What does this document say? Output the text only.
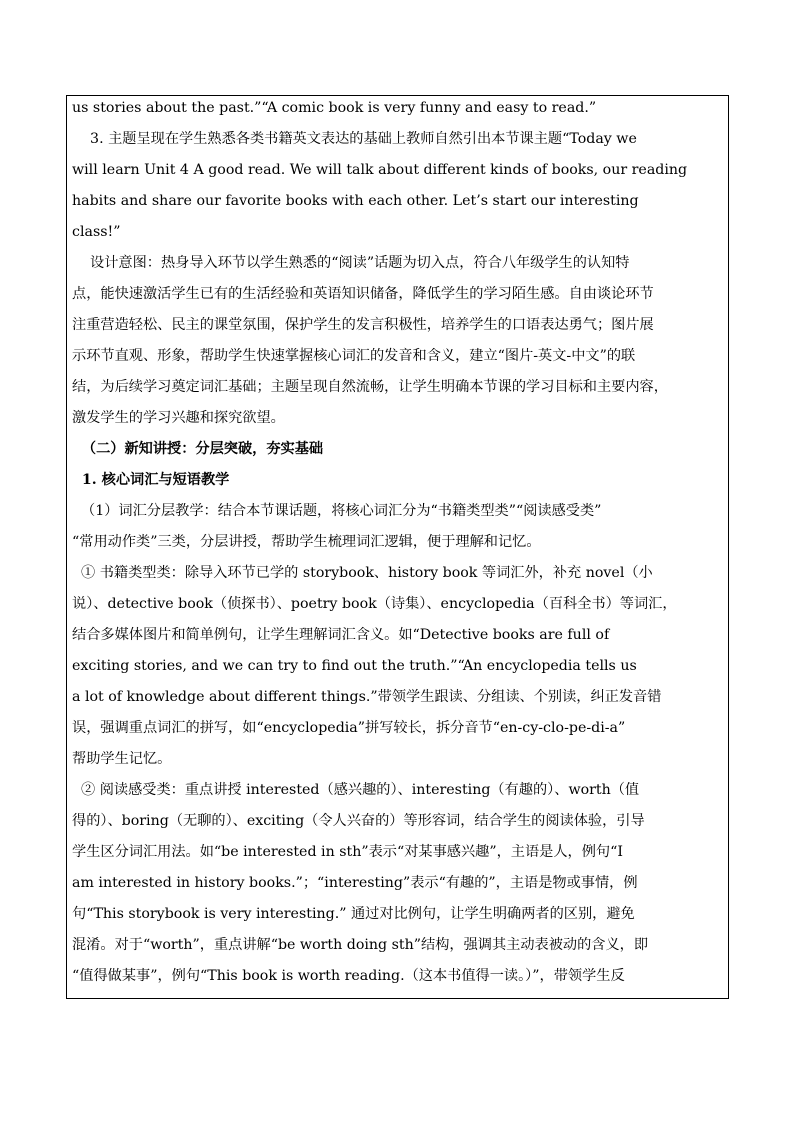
us stories about the past.”“A comic book is very funny and easy to read.”
3. 主题呈现在学生熟悉各类书籍英文表达的基础上教师自然引出本节课主题“Today we
will learn Unit 4 A good read. We will talk about different kinds of books, our reading
habits and share our favorite books with each other. Let’s start our interesting
class!”
设计意图：热身导入环节以学生熟悉的“阅读”话题为切入点，符合八年级学生的认知特
点，能快速激活学生已有的生活经验和英语知识储备，降低学生的学习陌生感。自由谈论环节
注重营造轻松、民主的课堂氛围，保护学生的发言积极性，培养学生的口语表达勇气；图片展
示环节直观、形象，帮助学生快速掌握核心词汇的发音和含义，建立“图片-英文-中文”的联
结，为后续学习奠定词汇基础；主题呈现自然流畅，让学生明确本节课的学习目标和主要内容，
激发学生的学习兴趣和探究欲望。
（二）新知讲授：分层突破，夯实基础
1. 核心词汇与短语教学
（1）词汇分层教学：结合本节课话题，将核心词汇分为“书籍类型类”“阅读感受类”
“常用动作类”三类，分层讲授，帮助学生梳理词汇逻辑，便于理解和记忆。
① 书籍类型类：除导入环节已学的 storybook、history book 等词汇外，补充 novel（小
说）、detective book（侦探书）、poetry book（诗集）、encyclopedia（百科全书）等词汇，
结合多媒体图片和简单例句，让学生理解词汇含义。如“Detective books are full of
exciting stories, and we can try to find out the truth.”“An encyclopedia tells us
a lot of knowledge about different things.”带领学生跟读、分组读、个别读，纠正发音错
误，强调重点词汇的拼写，如“encyclopedia”拼写较长，拆分音节“en-cy-clo-pe-di-a”
帮助学生记忆。
② 阅读感受类：重点讲授 interested（感兴趣的）、interesting（有趣的）、worth（值
得的）、boring（无聊的）、exciting（令人兴奋的）等形容词，结合学生的阅读体验，引导
学生区分词汇用法。如“be interested in sth”表示“对某事感兴趣”，主语是人，例句“I
am interested in history books.”；“interesting”表示“有趣的”，主语是物或事情，例
句“This storybook is very interesting.” 通过对比例句，让学生明确两者的区别，避免
混淆。对于“worth”，重点讲解“be worth doing sth”结构，强调其主动表被动的含义，即
“值得做某事”，例句“This book is worth reading.（这本书值得一读。）”，带领学生反
